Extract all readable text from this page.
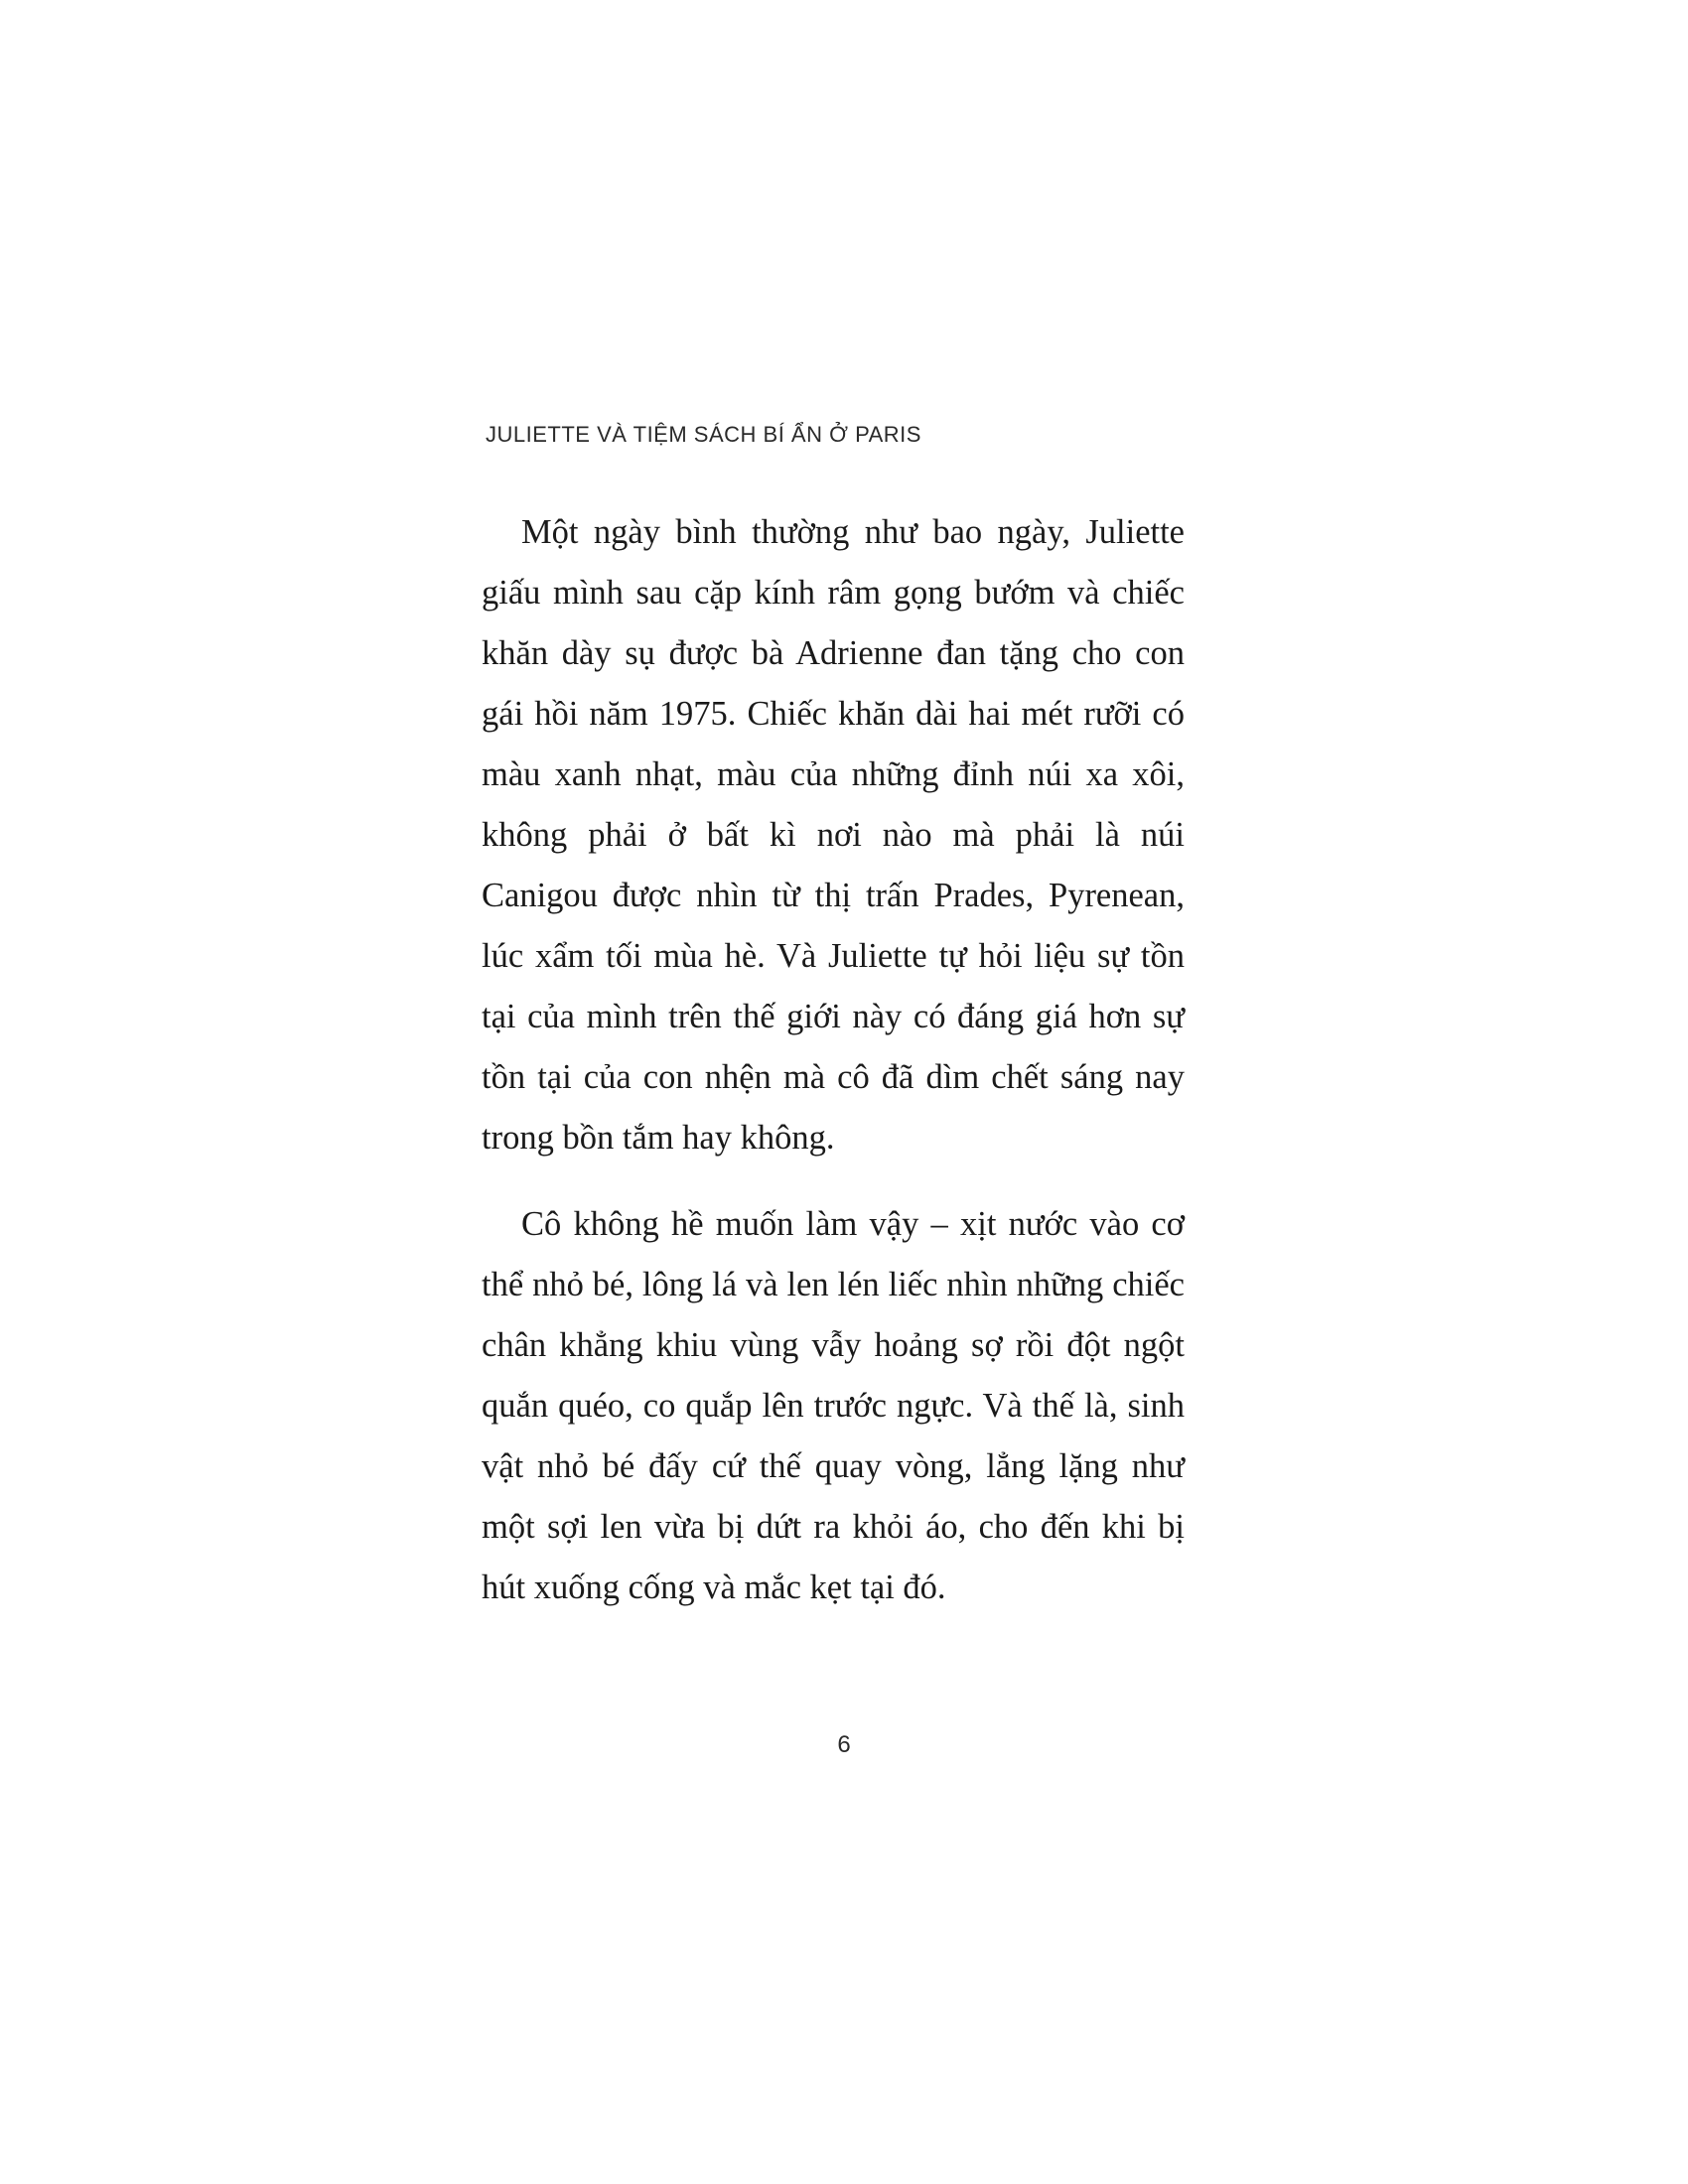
JULIETTE VÀ TIỆM SÁCH BÍ ẨN Ở PARIS

Một ngày bình thường như bao ngày, Juliette giấu mình sau cặp kính râm gọng bướm và chiếc khăn dày sụ được bà Adrienne đan tặng cho con gái hồi năm 1975. Chiếc khăn dài hai mét rưỡi có màu xanh nhạt, màu của những đỉnh núi xa xôi, không phải ở bất kì nơi nào mà phải là núi Canigou được nhìn từ thị trấn Prades, Pyrenean, lúc xẩm tối mùa hè. Và Juliette tự hỏi liệu sự tồn tại của mình trên thế giới này có đáng giá hơn sự tồn tại của con nhện mà cô đã dìm chết sáng nay trong bồn tắm hay không.

Cô không hề muốn làm vậy – xịt nước vào cơ thể nhỏ bé, lông lá và len lén liếc nhìn những chiếc chân khẳng khiu vùng vẫy hoảng sợ rồi đột ngột quắn quéo, co quắp lên trước ngực. Và thế là, sinh vật nhỏ bé đấy cứ thế quay vòng, lẳng lặng như một sợi len vừa bị dứt ra khỏi áo, cho đến khi bị hút xuống cống và mắc kẹt tại đó.

6
